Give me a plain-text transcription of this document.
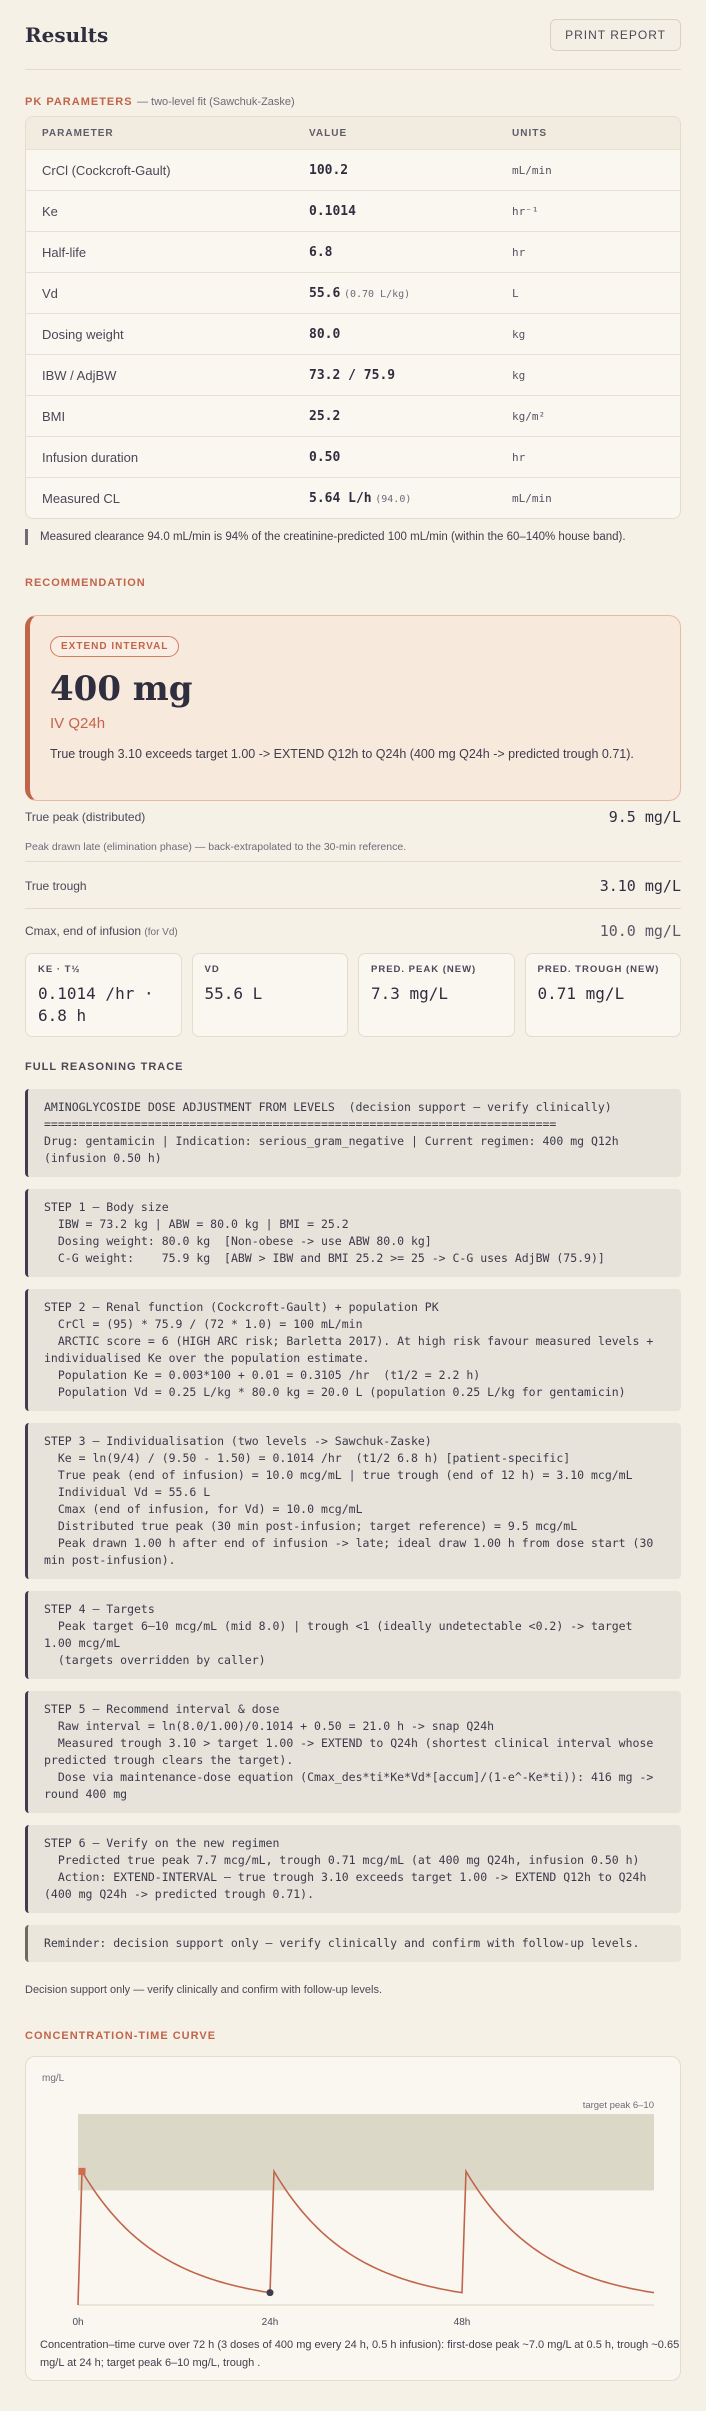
Results	PRINT REPORT
PK PARAMETERS — two-level fit (Sawchuk-Zaske)
PARAMETER	VALUE	UNITS
CrCl (Cockcroft-Gault)	100.2	mL/min
Ke	0.1014	hr⁻¹
Half-life	6.8	hr
Vd	55.6 (0.70 L/kg)	L
Dosing weight	80.0	kg
IBW / AdjBW	73.2 / 75.9	kg
BMI	25.2	kg/m²
Infusion duration	0.50	hr
Measured CL	5.64 L/h (94.0)	mL/min
Measured clearance 94.0 mL/min is 94% of the creatinine-predicted 100 mL/min (within the 60–140% house band).
RECOMMENDATION
EXTEND INTERVAL
400 mg
IV Q24h
True trough 3.10 exceeds target 1.00 -> EXTEND Q12h to Q24h (400 mg Q24h -> predicted trough 0.71).
True peak (distributed)	9.5 mg/L
Peak drawn late (elimination phase) — back-extrapolated to the 30-min reference.
True trough	3.10 mg/L
Cmax, end of infusion (for Vd)	10.0 mg/L
KE · T½
0.1014 /hr · 6.8 h
VD
55.6 L
PRED. PEAK (NEW)
7.3 mg/L
PRED. TROUGH (NEW)
0.71 mg/L
FULL REASONING TRACE
AMINOGLYCOSIDE DOSE ADJUSTMENT FROM LEVELS  (decision support — verify clinically)
==========================================================================
Drug: gentamicin | Indication: serious_gram_negative | Current regimen: 400 mg Q12h (infusion 0.50 h)
STEP 1 — Body size
IBW = 73.2 kg | ABW = 80.0 kg | BMI = 25.2
Dosing weight: 80.0 kg  [Non-obese -> use ABW 80.0 kg]
C-G weight:    75.9 kg  [ABW > IBW and BMI 25.2 >= 25 -> C-G uses AdjBW (75.9)]
STEP 2 — Renal function (Cockcroft-Gault) + population PK
CrCl = (95) * 75.9 / (72 * 1.0) = 100 mL/min
ARCTIC score = 6 (HIGH ARC risk; Barletta 2017). At high risk favour measured levels + individualised Ke over the population estimate.
Population Ke = 0.003*100 + 0.01 = 0.3105 /hr  (t1/2 = 2.2 h)
Population Vd = 0.25 L/kg * 80.0 kg = 20.0 L (population 0.25 L/kg for gentamicin)
STEP 3 — Individualisation (two levels -> Sawchuk-Zaske)
Ke = ln(9/4) / (9.50 - 1.50) = 0.1014 /hr  (t1/2 6.8 h) [patient-specific]
True peak (end of infusion) = 10.0 mcg/mL | true trough (end of 12 h) = 3.10 mcg/mL
Individual Vd = 55.6 L
Cmax (end of infusion, for Vd) = 10.0 mcg/mL
Distributed true peak (30 min post-infusion; target reference) = 9.5 mcg/mL
Peak drawn 1.00 h after end of infusion -> late; ideal draw 1.00 h from dose start (30 min post-infusion).
STEP 4 — Targets
Peak target 6–10 mcg/mL (mid 8.0) | trough <1 (ideally undetectable <0.2) -> target 1.00 mcg/mL
(targets overridden by caller)
STEP 5 — Recommend interval & dose
Raw interval = ln(8.0/1.00)/0.1014 + 0.50 = 21.0 h -> snap Q24h
Measured trough 3.10 > target 1.00 -> EXTEND to Q24h (shortest clinical interval whose predicted trough clears the target).
Dose via maintenance-dose equation (Cmax_des*ti*Ke*Vd*[accum]/(1-e^-Ke*ti)): 416 mg -> round 400 mg
STEP 6 — Verify on the new regimen
Predicted true peak 7.7 mcg/mL, trough 0.71 mcg/mL (at 400 mg Q24h, infusion 0.50 h)
Action: EXTEND-INTERVAL — true trough 3.10 exceeds target 1.00 -> EXTEND Q12h to Q24h (400 mg Q24h -> predicted trough 0.71).
Reminder: decision support only — verify clinically and confirm with follow-up levels.
Decision support only — verify clinically and confirm with follow-up levels.
CONCENTRATION-TIME CURVE
mg/L
target peak 6–10
0h	24h	48h
Concentration–time curve over 72 h (3 doses of 400 mg every 24 h, 0.5 h infusion): first-dose peak ~7.0 mg/L at 0.5 h, trough ~0.65 mg/L at 24 h; target peak 6–10 mg/L, trough .
